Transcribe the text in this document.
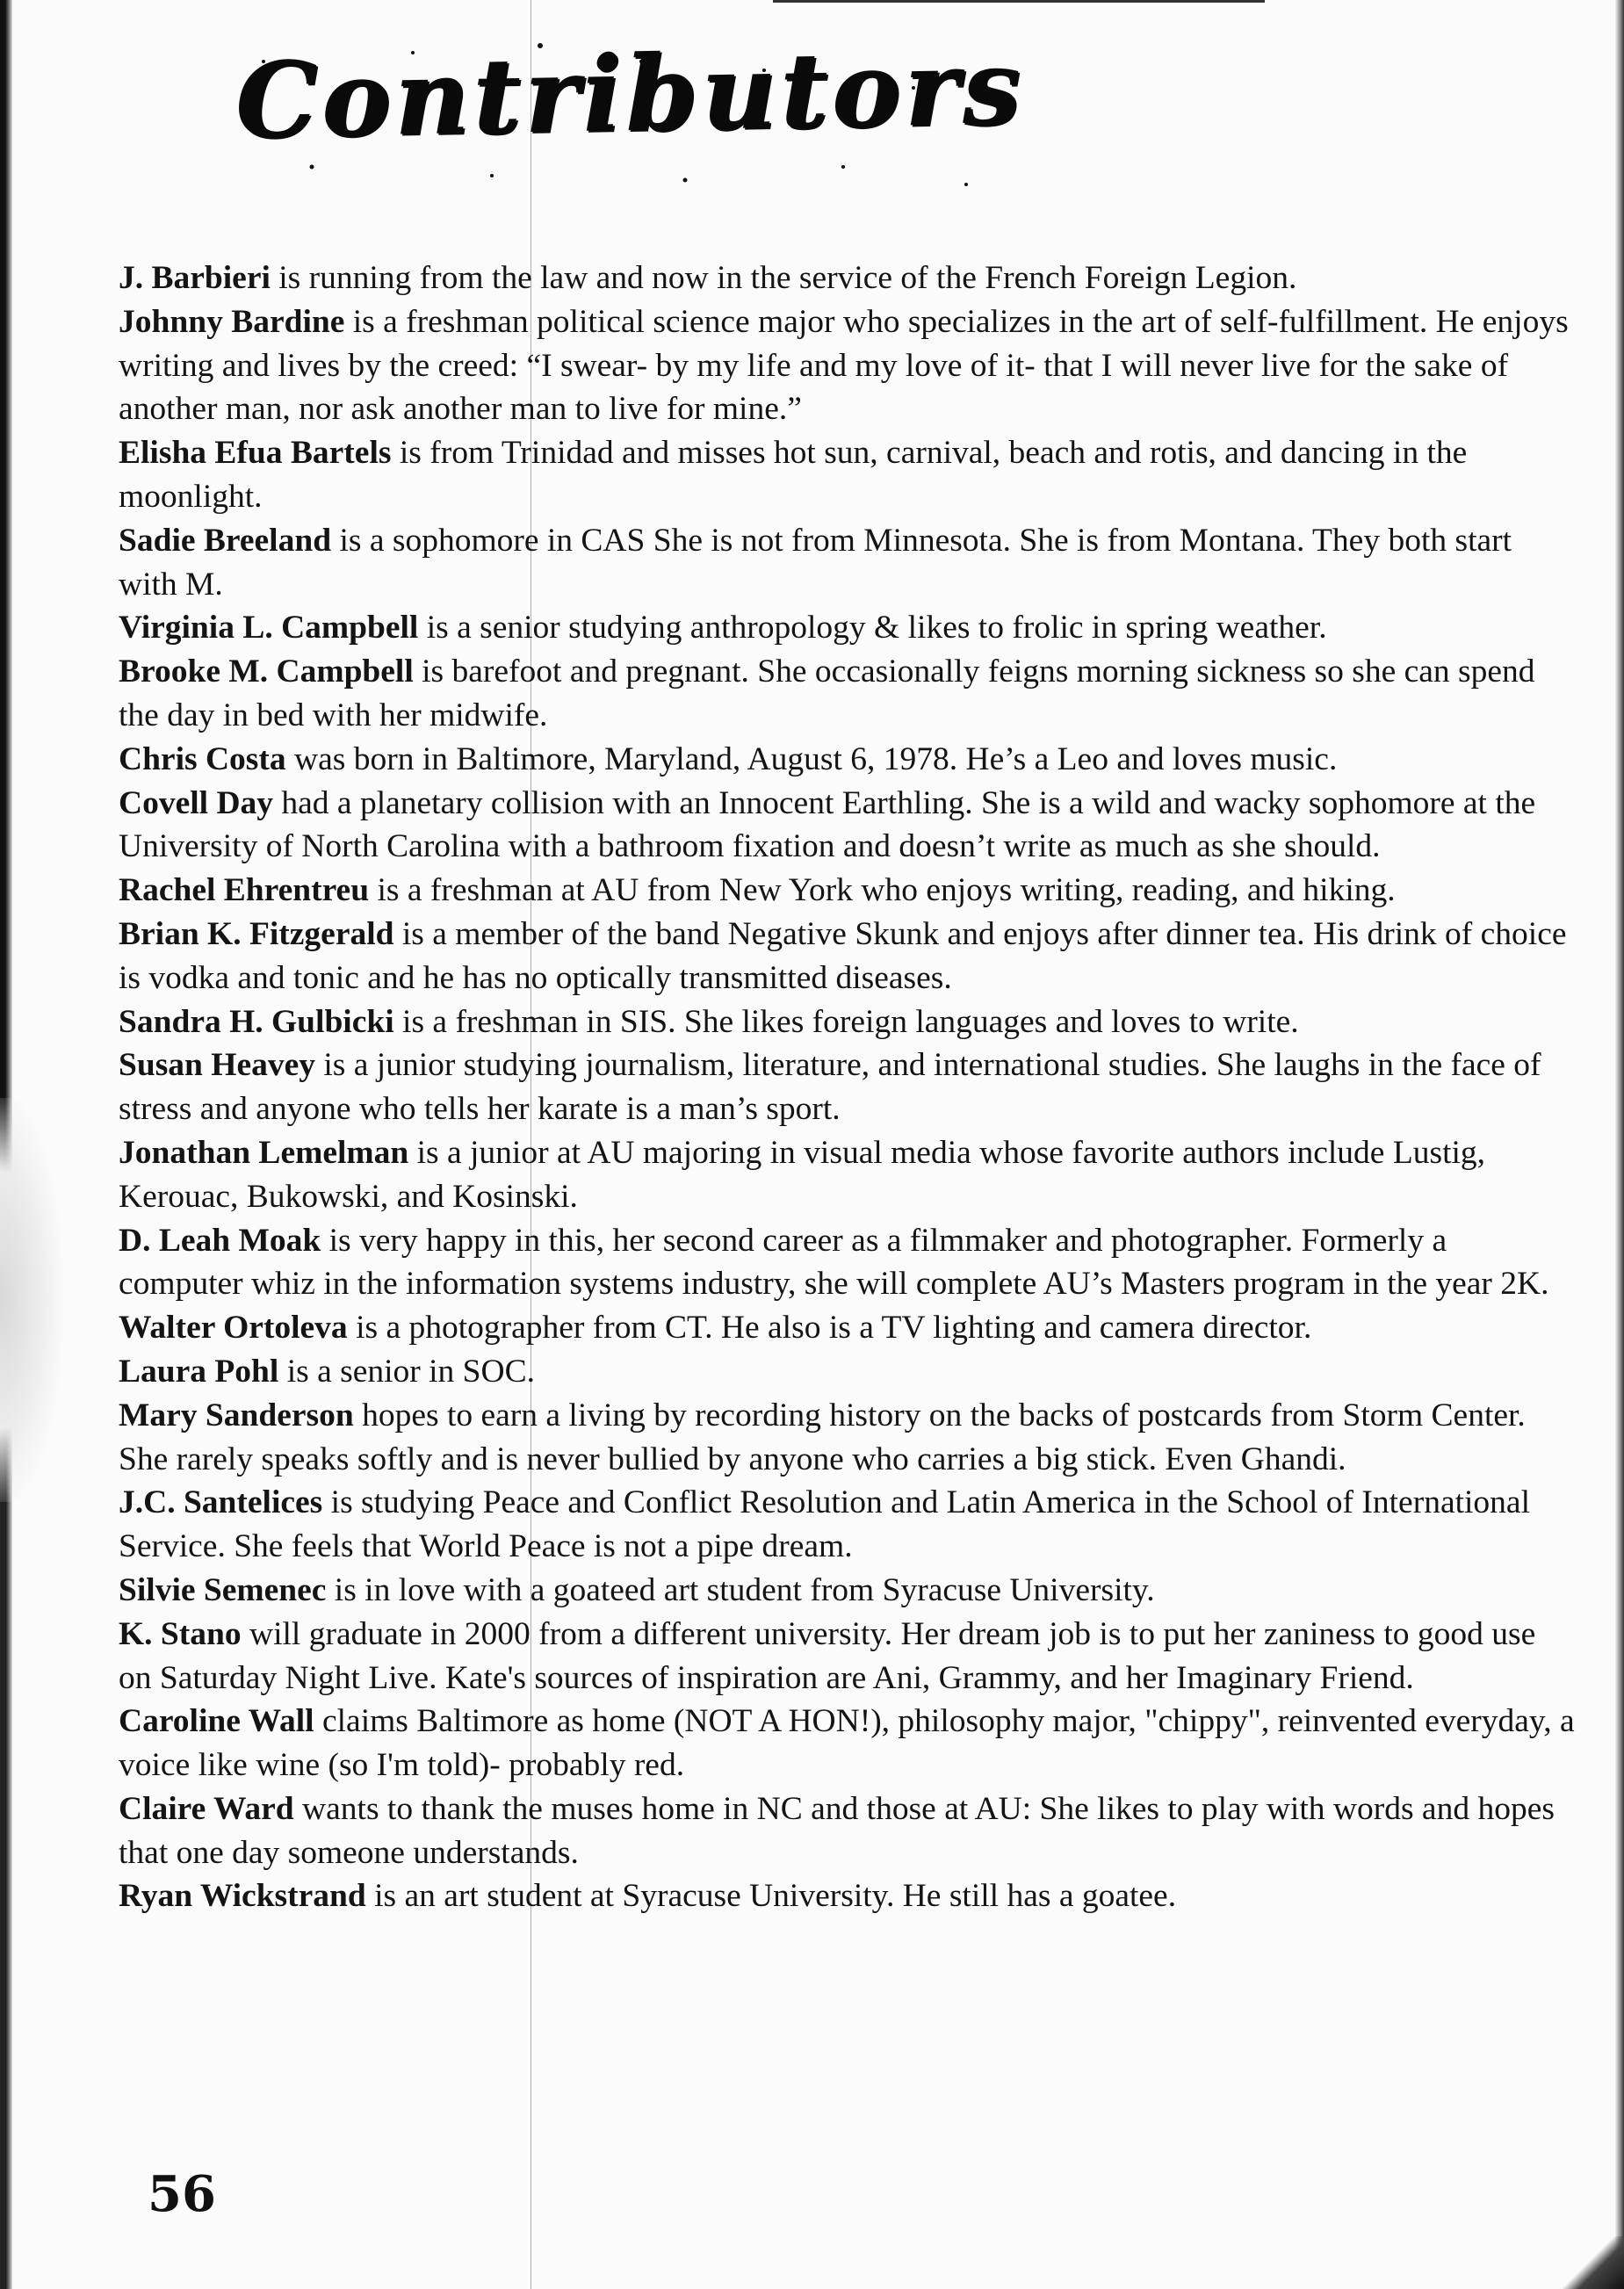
Contributors

J. Barbieri is running from the law and now in the service of the French Foreign Legion.

Johnny Bardine is a freshman political science major who specializes in the art of self-fulfillment. He enjoys writing and lives by the creed: “I swear- by my life and my love of it- that I will never live for the sake of another man, nor ask another man to live for mine.”

Elisha Efua Bartels is from Trinidad and misses hot sun, carnival, beach and rotis, and dancing in the moonlight.

Sadie Breeland is a sophomore in CAS She is not from Minnesota. She is from Montana. They both start with M.

Virginia L. Campbell is a senior studying anthropology & likes to frolic in spring weather.

Brooke M. Campbell is barefoot and pregnant. She occasionally feigns morning sickness so she can spend the day in bed with her midwife.

Chris Costa was born in Baltimore, Maryland, August 6, 1978. He’s a Leo and loves music.

Covell Day had a planetary collision with an Innocent Earthling. She is a wild and wacky sophomore at the University of North Carolina with a bathroom fixation and doesn’t write as much as she should.

Rachel Ehrentreu is a freshman at AU from New York who enjoys writing, reading, and hiking.

Brian K. Fitzgerald is a member of the band Negative Skunk and enjoys after dinner tea. His drink of choice is vodka and tonic and he has no optically transmitted diseases.

Sandra H. Gulbicki is a freshman in SIS. She likes foreign languages and loves to write.

Susan Heavey is a junior studying journalism, literature, and international studies. She laughs in the face of stress and anyone who tells her karate is a man’s sport.

Jonathan Lemelman is a junior at AU majoring in visual media whose favorite authors include Lustig, Kerouac, Bukowski, and Kosinski.

D. Leah Moak is very happy in this, her second career as a filmmaker and photographer. Formerly a computer whiz in the information systems industry, she will complete AU’s Masters program in the year 2K.

Walter Ortoleva is a photographer from CT. He also is a TV lighting and camera director.

Laura Pohl is a senior in SOC.

Mary Sanderson hopes to earn a living by recording history on the backs of postcards from Storm Center. She rarely speaks softly and is never bullied by anyone who carries a big stick. Even Ghandi.

J.C. Santelices is studying Peace and Conflict Resolution and Latin America in the School of International Service. She feels that World Peace is not a pipe dream.

Silvie Semenec is in love with a goateed art student from Syracuse University.

K. Stano will graduate in 2000 from a different university. Her dream job is to put her zaniness to good use on Saturday Night Live. Kate's sources of inspiration are Ani, Grammy, and her Imaginary Friend.

Caroline Wall claims Baltimore as home (NOT A HON!), philosophy major, "chippy", reinvented everyday, a voice like wine (so I'm told)- probably red.

Claire Ward wants to thank the muses home in NC and those at AU: She likes to play with words and hopes that one day someone understands.

Ryan Wickstrand is an art student at Syracuse University. He still has a goatee.

56
